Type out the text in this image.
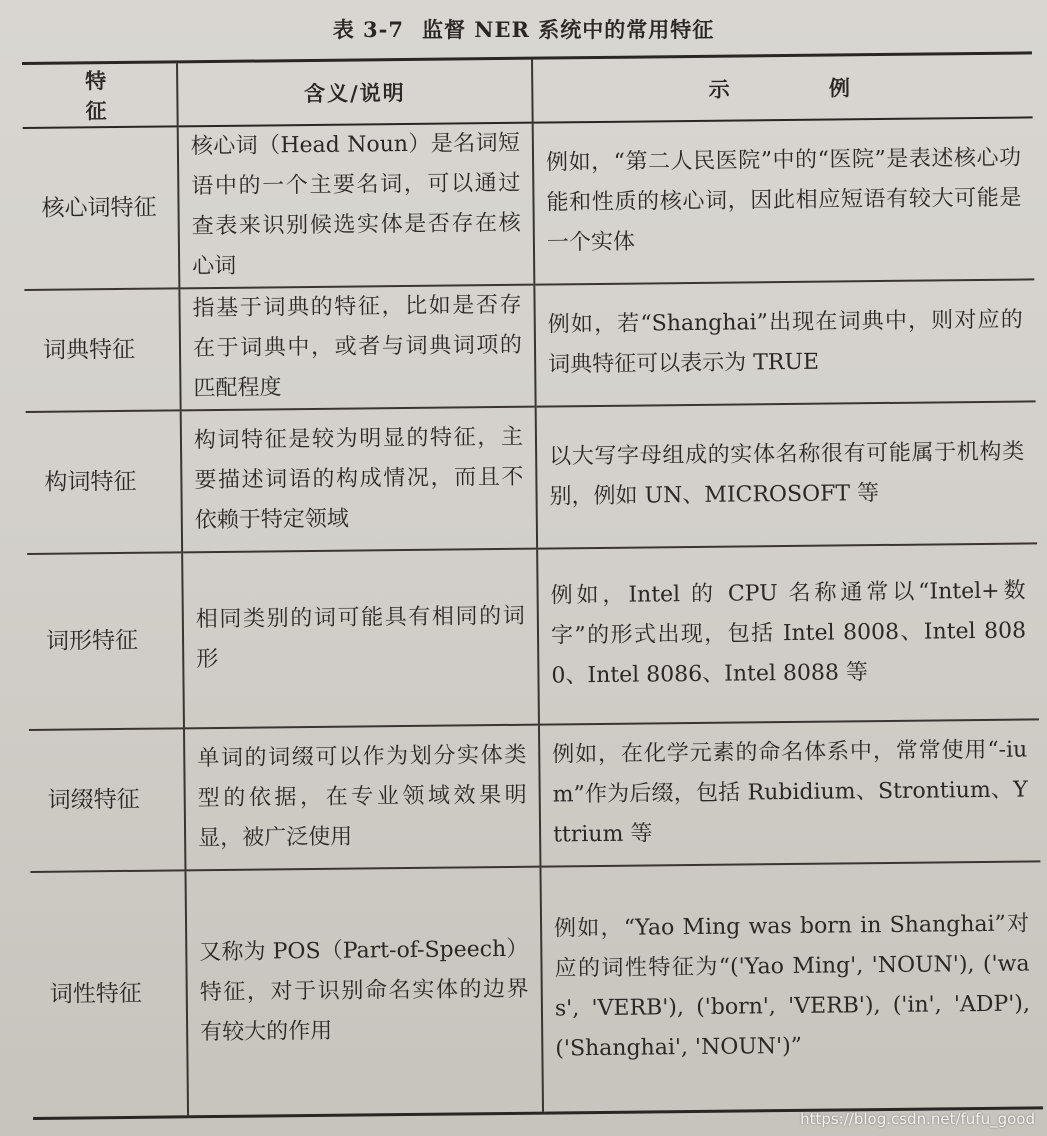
表 3-7 监督 NER 系统中的常用特征
特 征	含义/说明	示 例
核心词特征	核心词（Head Noun）是名词短语中的一个主要名词，可以通过查表来识别候选实体是否存在核心词	例如，“第二人民医院”中的“医院”是表述核心功能和性质的核心词，因此相应短语有较大可能是一个实体
词典特征	指基于词典的特征，比如是否存在于词典中，或者与词典词项的匹配程度	例如，若“Shanghai”出现在词典中，则对应的词典特征可以表示为 TRUE
构词特征	构词特征是较为明显的特征，主要描述词语的构成情况，而且不依赖于特定领域	以大写字母组成的实体名称很有可能属于机构类别，例如 UN、MICROSOFT 等
词形特征	相同类别的词可能具有相同的词形	例如，Intel 的 CPU 名称通常以“Intel+数字”的形式出现，包括 Intel 8008、Intel 8080、Intel 8086、Intel 8088 等
词缀特征	单词的词缀可以作为划分实体类型的依据，在专业领域效果明显，被广泛使用	例如，在化学元素的命名体系中，常常使用“-ium”作为后缀，包括 Rubidium、Strontium、Yttrium 等
词性特征	又称为 POS（Part-of-Speech）特征，对于识别命名实体的边界有较大的作用	例如，“Yao Ming was born in Shanghai”对应的词性特征为“('Yao Ming', 'NOUN'), ('was', 'VERB'), ('born', 'VERB'), ('in', 'ADP'), ('Shanghai', 'NOUN')”
https://blog.csdn.net/fufu_good
